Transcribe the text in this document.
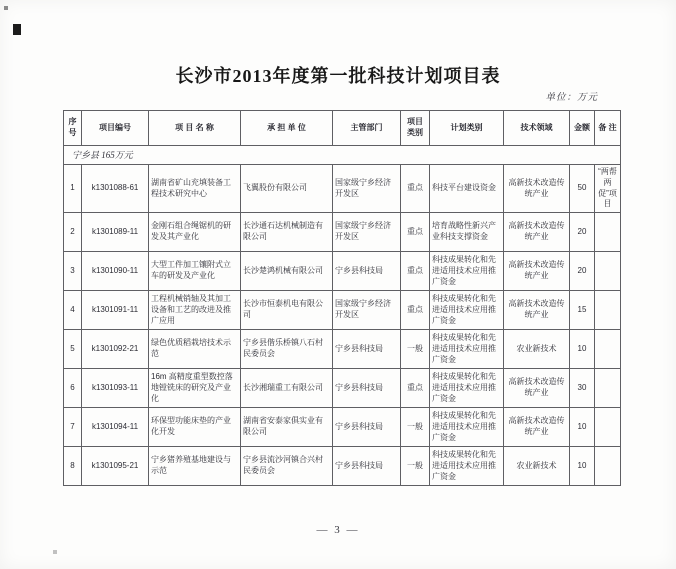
长沙市2013年度第一批科技计划项目表
单位：万元
序号	项目编号	项 目 名 称	承 担 单 位	主管部门	项目 类别	计划类别	技术领域	金额	备 注
宁乡县 165万元									
1	k1301088-61	湖南省矿山充填装备工程技术研究中心	飞翼股份有限公司	国家级宁乡经济开发区	重点	科技平台建设资金	高新技术改造传统产业	50	“两帮两促”项目
2	k1301089-11	金刚石组合绳锯机的研发及其产业化	长沙通石达机械制造有限公司	国家级宁乡经济开发区	重点	培育战略性新兴产业科技支撑资金	高新技术改造传统产业	20	
3	k1301090-11	大型工件加工镶附式立车的研发及产业化	长沙楚鸿机械有限公司	宁乡县科技局	重点	科技成果转化和先进适用技术应用推广资金	高新技术改造传统产业	20	
4	k1301091-11	工程机械销轴及其加工设备和工艺的改进及推广应用	长沙市恒泰机电有限公司	国家级宁乡经济开发区	重点	科技成果转化和先进适用技术应用推广资金	高新技术改造传统产业	15	
5	k1301092-21	绿色优质稻栽培技术示范	宁乡县偕乐桥镇八石村民委员会	宁乡县科技局	一般	科技成果转化和先进适用技术应用推广资金	农业新技术	10	
6	k1301093-11	16m 高精度重型数控落地镗铣床的研究及产业化	长沙湘瑞重工有限公司	宁乡县科技局	重点	科技成果转化和先进适用技术应用推广资金	高新技术改造传统产业	30	
7	k1301094-11	环保型功能床垫的产业化开发	湖南省安泰家俱实业有限公司	宁乡县科技局	一般	科技成果转化和先进适用技术应用推广资金	高新技术改造传统产业	10	
8	k1301095-21	宁乡猪养殖基地建设与示范	宁乡县流沙河镇合兴村民委员会	宁乡县科技局	一般	科技成果转化和先进适用技术应用推广资金	农业新技术	10	
— 3 —
